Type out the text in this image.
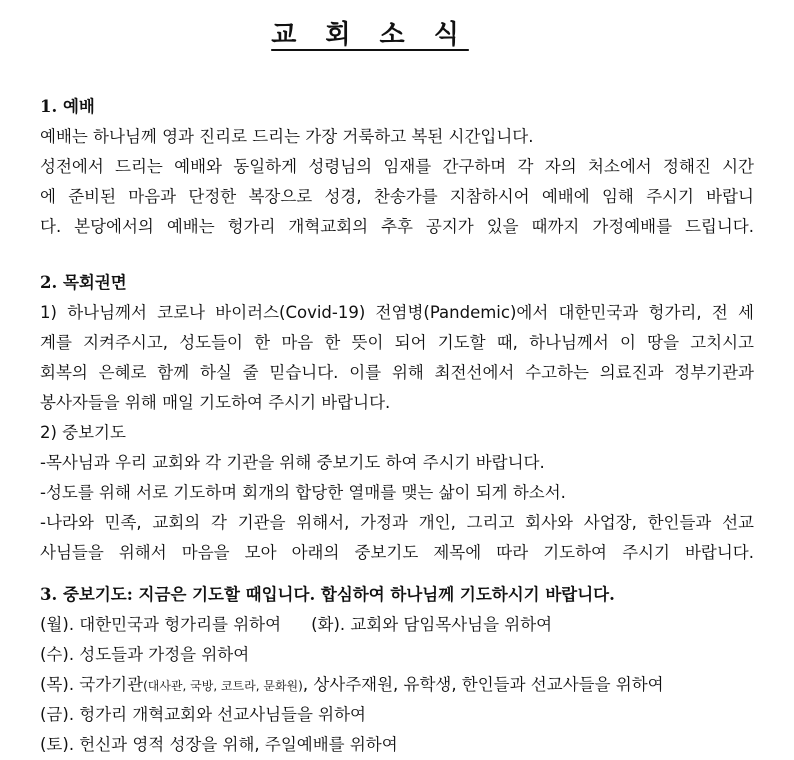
교 회 소 식
1. 예배
예배는 하나님께 영과 진리로 드리는 가장 거룩하고 복된 시간입니다.
성전에서 드리는 예배와 동일하게 성령님의 임재를 간구하며 각 자의 처소에서 정해진 시간
에 준비된 마음과 단정한 복장으로 성경, 찬송가를 지참하시어 예배에 임해 주시기 바랍니
다. 본당에서의 예배는 헝가리 개혁교회의 추후 공지가 있을 때까지 가정예배를 드립니다.
2. 목회권면
1) 하나님께서 코로나 바이러스(Covid-19) 전염병(Pandemic)에서 대한민국과 헝가리, 전 세
계를 지켜주시고, 성도들이 한 마음 한 뜻이 되어 기도할 때, 하나님께서 이 땅을 고치시고
회복의 은혜로 함께 하실 줄 믿습니다. 이를 위해 최전선에서 수고하는 의료진과 정부기관과
봉사자들을 위해 매일 기도하여 주시기 바랍니다.
2) 중보기도
-목사님과 우리 교회와 각 기관을 위해 중보기도 하여 주시기 바랍니다.
-성도를 위해 서로 기도하며 회개의 합당한 열매를 맺는 삶이 되게 하소서.
-나라와 민족, 교회의 각 기관을 위해서, 가정과 개인, 그리고 회사와 사업장, 한인들과 선교
사님들을 위해서 마음을 모아 아래의 중보기도 제목에 따라 기도하여 주시기 바랍니다.
3. 중보기도: 지금은 기도할 때입니다. 합심하여 하나님께 기도하시기 바랍니다.
(월). 대한민국과 헝가리를 위하여 (화). 교회와 담임목사님을 위하여
(수). 성도들과 가정을 위하여
(목). 국가기관(대사관, 국방, 코트라, 문화원), 상사주재원, 유학생, 한인들과 선교사들을 위하여
(금). 헝가리 개혁교회와 선교사님들을 위하여
(토). 헌신과 영적 성장을 위해, 주일예배를 위하여
